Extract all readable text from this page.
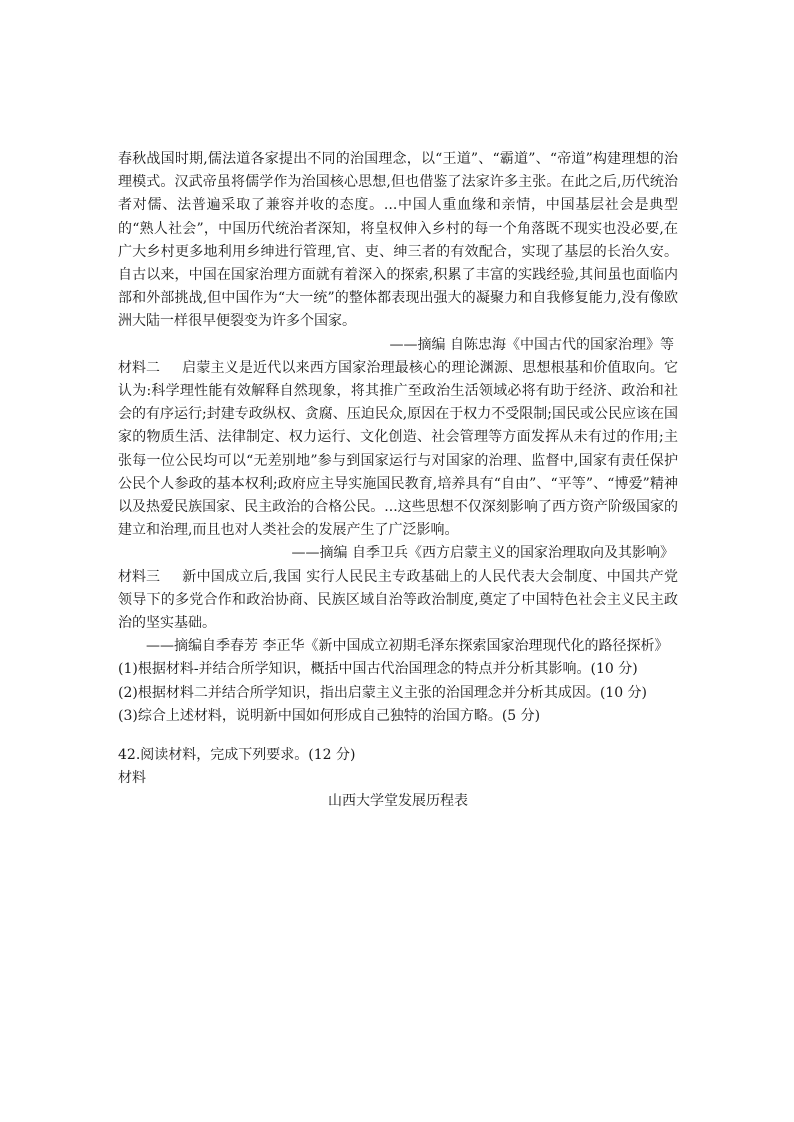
春秋战国时期,儒法道各家提出不同的治国理念，以“王道”、“霸道”、“帝道”构建理想的治理模式。汉武帝虽将儒学作为治国核心思想,但也借鉴了法家许多主张。在此之后,历代统治者对儒、法普遍采取了兼容并收的态度。...中国人重血缘和亲情，中国基层社会是典型的“熟人社会”，中国历代统治者深知，将皇权伸入乡村的每一个角落既不现实也没必要,在广大乡村更多地利用乡绅进行管理,官、吏、绅三者的有效配合，实现了基层的长治久安。自古以来，中国在国家治理方面就有着深入的探索,积累了丰富的实践经验,其间虽也面临内部和外部挑战,但中国作为“大一统”的整体都表现出强大的凝聚力和自我修复能力,没有像欧洲大陆一样很早便裂变为许多个国家。

——摘编 自陈忠海《中国古代的国家治理》等

材料二 启蒙主义是近代以来西方国家治理最核心的理论渊源、思想根基和价值取向。它认为:科学理性能有效解释自然现象，将其推广至政治生活领域必将有助于经济、政治和社会的有序运行;封建专政纵权、贪腐、压迫民众,原因在于权力不受限制;国民或公民应该在国家的物质生活、法律制定、权力运行、文化创造、社会管理等方面发挥从未有过的作用;主张每一位公民均可以“无差别地”参与到国家运行与对国家的治理、监督中,国家有责任保护公民个人参政的基本权利;政府应主导实施国民教育,培养具有“自由”、“平等”、“博爱”精神以及热爱民族国家、民主政治的合格公民。...这些思想不仅深刻影响了西方资产阶级国家的建立和治理,而且也对人类社会的发展产生了广泛影响。

——摘编 自季卫兵《西方启蒙主义的国家治理取向及其影响》

材料三 新中国成立后,我国 实行人民民主专政基础上的人民代表大会制度、中国共产党领导下的多党合作和政治协商、民族区域自治等政治制度,奠定了中国特色社会主义民主政治的坚实基础。

——摘编自季春芳 李正华《新中国成立初期毛泽东探索国家治理现代化的路径探析》

(1)根据材料-并结合所学知识，概括中国古代治国理念的特点并分析其影响。(10 分)

(2)根据材料二并结合所学知识，指出启蒙主义主张的治国理念并分析其成因。(10 分)

(3)综合上述材料，说明新中国如何形成自己独特的治国方略。(5 分)

42.阅读材料，完成下列要求。(12 分)

材料

山西大学堂发展历程表
